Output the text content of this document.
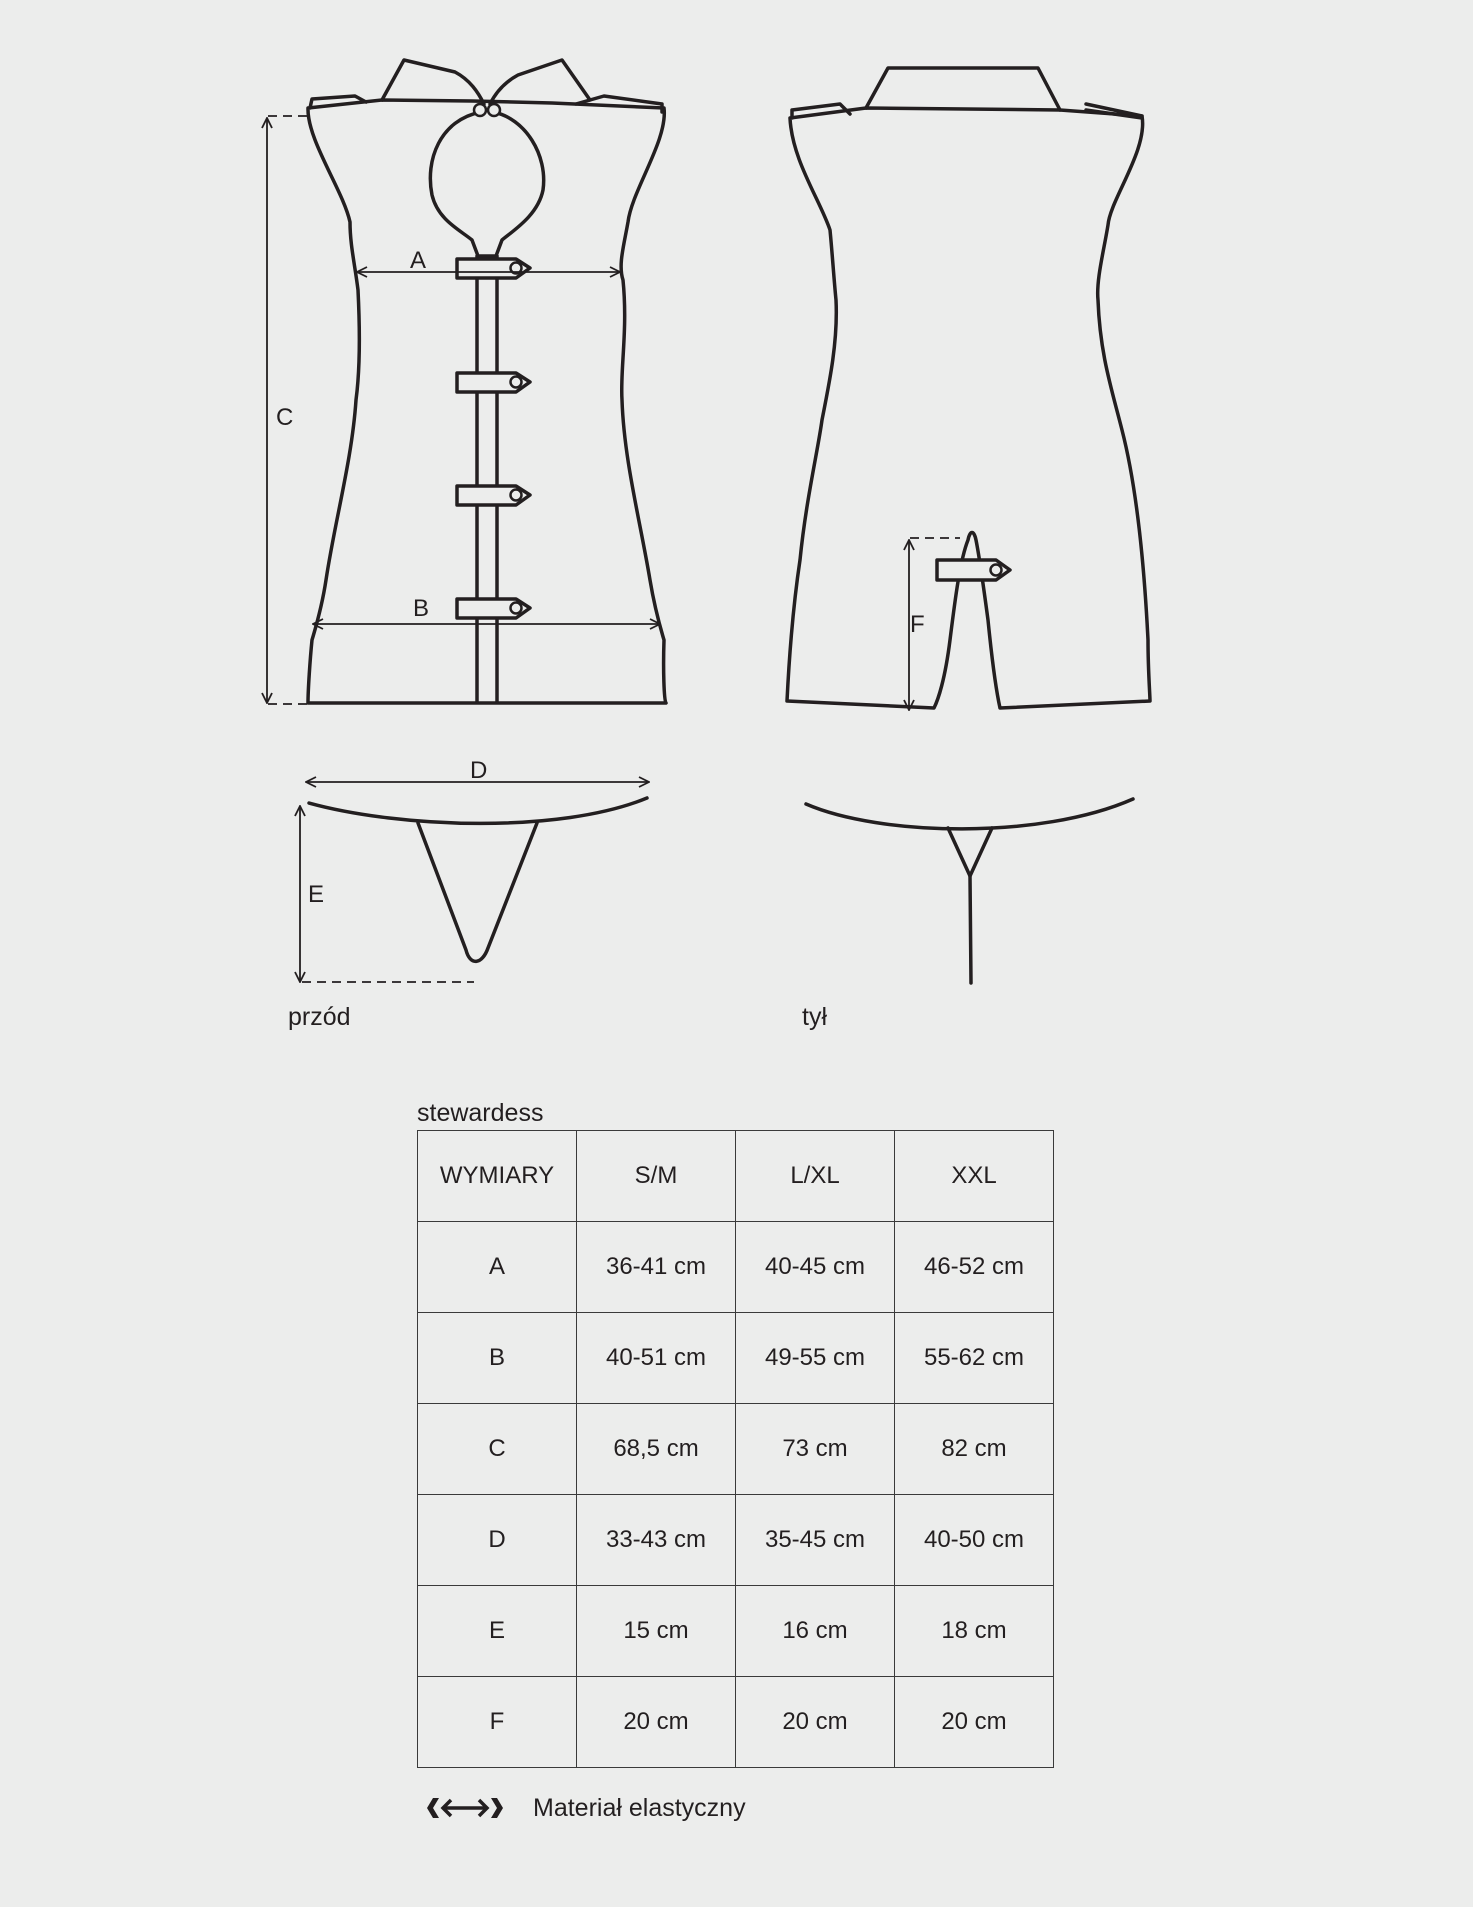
A
B
C
F
D
E
przód	tył
stewardess
WYMIARY	S/M	L/XL	XXL
A	36-41 cm	40-45 cm	46-52 cm
B	40-51 cm	49-55 cm	55-62 cm
C	68,5 cm	73 cm	82 cm
D	33-43 cm	35-45 cm	40-50 cm
E	15 cm	16 cm	18 cm
F	20 cm	20 cm	20 cm
Materiał elastyczny
